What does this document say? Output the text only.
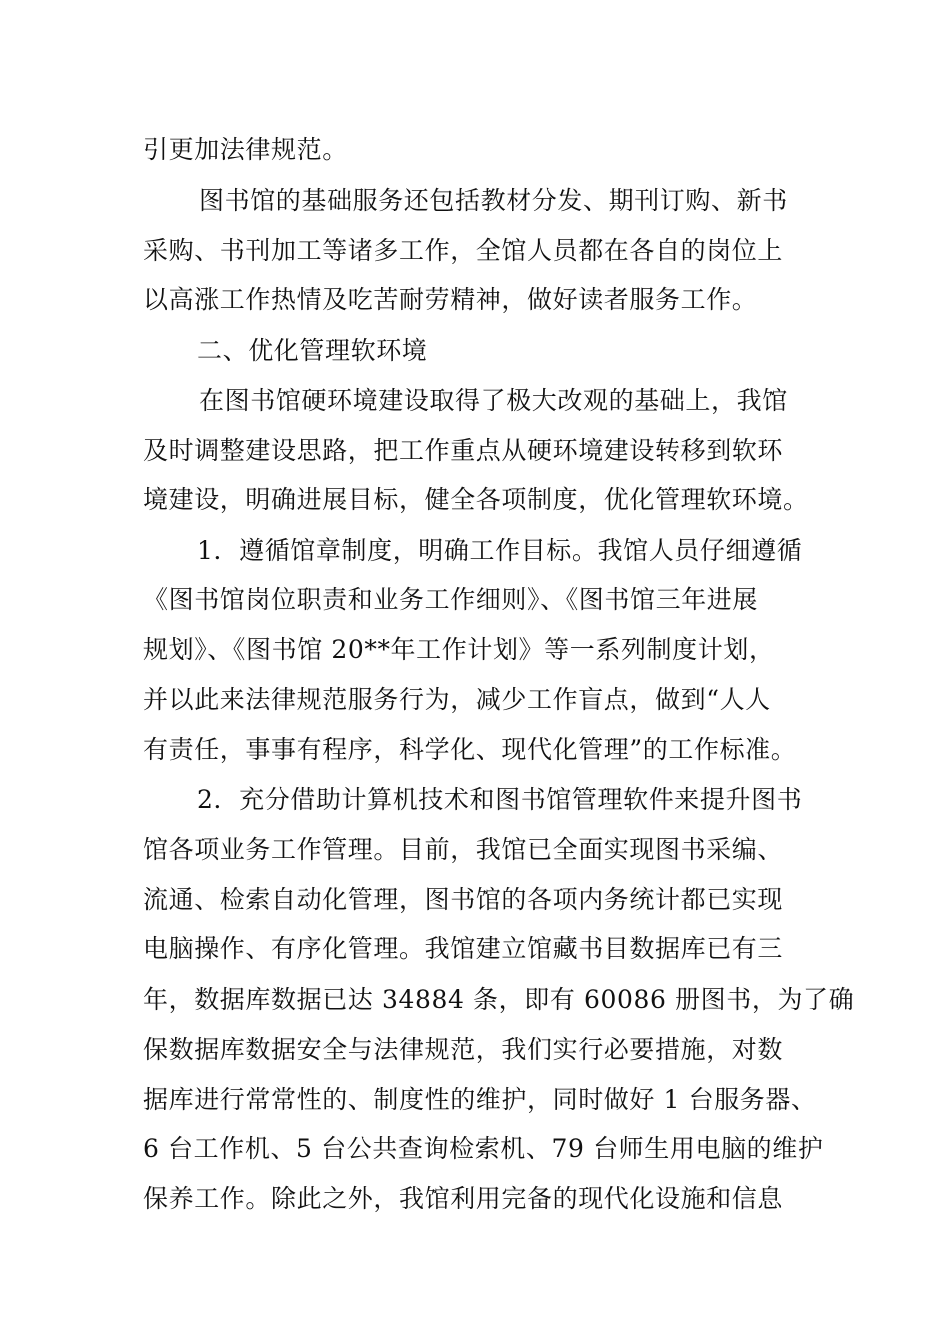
引更加法律规范。
图书馆的基础服务还包括教材分发、期刊订购、新书
采购、书刊加工等诸多工作，全馆人员都在各自的岗位上
以高涨工作热情及吃苦耐劳精神，做好读者服务工作。
二、优化管理软环境
在图书馆硬环境建设取得了极大改观的基础上，我馆
及时调整建设思路，把工作重点从硬环境建设转移到软环
境建设，明确进展目标，健全各项制度，优化管理软环境。
1．遵循馆章制度，明确工作目标。我馆人员仔细遵循
《图书馆岗位职责和业务工作细则》、《图书馆三年进展
规划》、《图书馆 20**年工作计划》等一系列制度计划，
并以此来法律规范服务行为，减少工作盲点，做到“人人
有责任，事事有程序，科学化、现代化管理”的工作标准。
2．充分借助计算机技术和图书馆管理软件来提升图书
馆各项业务工作管理。目前，我馆已全面实现图书采编、
流通、检索自动化管理，图书馆的各项内务统计都已实现
电脑操作、有序化管理。我馆建立馆藏书目数据库已有三
年，数据库数据已达 34884 条，即有 60086 册图书，为了确
保数据库数据安全与法律规范，我们实行必要措施，对数
据库进行常常性的、制度性的维护，同时做好 1 台服务器、
6 台工作机、5 台公共查询检索机、79 台师生用电脑的维护
保养工作。除此之外，我馆利用完备的现代化设施和信息
